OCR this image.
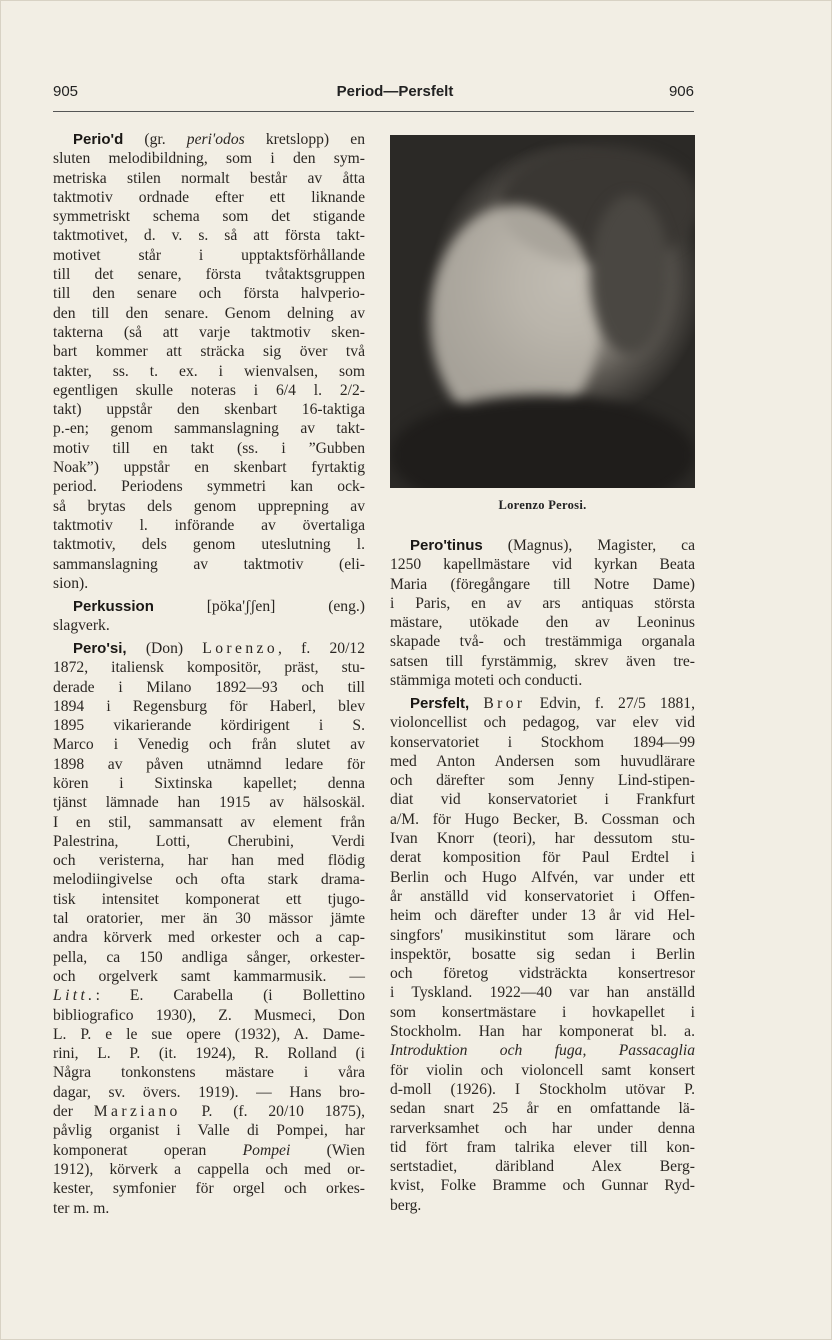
905	Period—Persfelt	906
Perio'd (gr. peri'odos kretslopp) en
sluten melodibildning, som i den sym-
metriska stilen normalt består av åtta
taktmotiv ordnade efter ett liknande
symmetriskt schema som det stigande
taktmotivet, d. v. s. så att första takt-
motivet står i upptaktsförhållande
till det senare, första tvåtaktsgruppen
till den senare och första halvperio-
den till den senare. Genom delning av
takterna (så att varje taktmotiv sken-
bart kommer att sträcka sig över två
takter, ss. t. ex. i wienvalsen, som
egentligen skulle noteras i 6/4 l. 2/2-
takt) uppstår den skenbart 16-taktiga
p.-en; genom sammanslagning av takt-
motiv till en takt (ss. i ”Gubben
Noak”) uppstår en skenbart fyrtaktig
period. Periodens symmetri kan ock-
så brytas dels genom upprepning av
taktmotiv l. införande av övertaliga
taktmotiv, dels genom uteslutning l.
sammanslagning av taktmotiv (eli-
sion).
Perkussion [pöka'ʃʃen] (eng.)
slagverk.
Pero'si, (Don) Lorenzo, f. 20/12
1872, italiensk kompositör, präst, stu-
derade i Milano 1892—93 och till
1894 i Regensburg för Haberl, blev
1895 vikarierande kördirigent i S.
Marco i Venedig och från slutet av
1898 av påven utnämnd ledare för
kören i Sixtinska kapellet; denna
tjänst lämnade han 1915 av hälsoskäl.
I en stil, sammansatt av element från
Palestrina, Lotti, Cherubini, Verdi
och veristerna, har han med flödig
melodiingivelse och ofta stark drama-
tisk intensitet komponerat ett tjugo-
tal oratorier, mer än 30 mässor jämte
andra körverk med orkester och a cap-
pella, ca 150 andliga sånger, orkester-
och orgelverk samt kammarmusik. —
Litt.: E. Carabella (i Bollettino
bibliografico 1930), Z. Musmeci, Don
L. P. e le sue opere (1932), A. Dame-
rini, L. P. (it. 1924), R. Rolland (i
Några tonkonstens mästare i våra
dagar, sv. övers. 1919). — Hans bro-
der Marziano P. (f. 20/10 1875),
påvlig organist i Valle di Pompei, har
komponerat operan Pompei (Wien
1912), körverk a cappella och med or-
kester, symfonier för orgel och orkes-
ter m. m.
Lorenzo Perosi.
Pero'tinus (Magnus), Magister, ca
1250 kapellmästare vid kyrkan Beata
Maria (föregångare till Notre Dame)
i Paris, en av ars antiquas största
mästare, utökade den av Leoninus
skapade två- och trestämmiga organala
satsen till fyrstämmig, skrev även tre-
stämmiga moteti och conducti.
Persfelt, Bror Edvin, f. 27/5 1881,
violoncellist och pedagog, var elev vid
konservatoriet i Stockhom 1894—99
med Anton Andersen som huvudlärare
och därefter som Jenny Lind-stipen-
diat vid konservatoriet i Frankfurt
a/M. för Hugo Becker, B. Cossman och
Ivan Knorr (teori), har dessutom stu-
derat komposition för Paul Erdtel i
Berlin och Hugo Alfvén, var under ett
år anställd vid konservatoriet i Offen-
heim och därefter under 13 år vid Hel-
singfors' musikinstitut som lärare och
inspektör, bosatte sig sedan i Berlin
och företog vidsträckta konsertresor
i Tyskland. 1922—40 var han anställd
som konsertmästare i hovkapellet i
Stockholm. Han har komponerat bl. a.
Introduktion och fuga, Passacaglia
för violin och violoncell samt konsert
d-moll (1926). I Stockholm utövar P.
sedan snart 25 år en omfattande lä-
rarverksamhet och har under denna
tid fört fram talrika elever till kon-
sertstadiet, däribland Alex Berg-
kvist, Folke Bramme och Gunnar Ryd-
berg.
